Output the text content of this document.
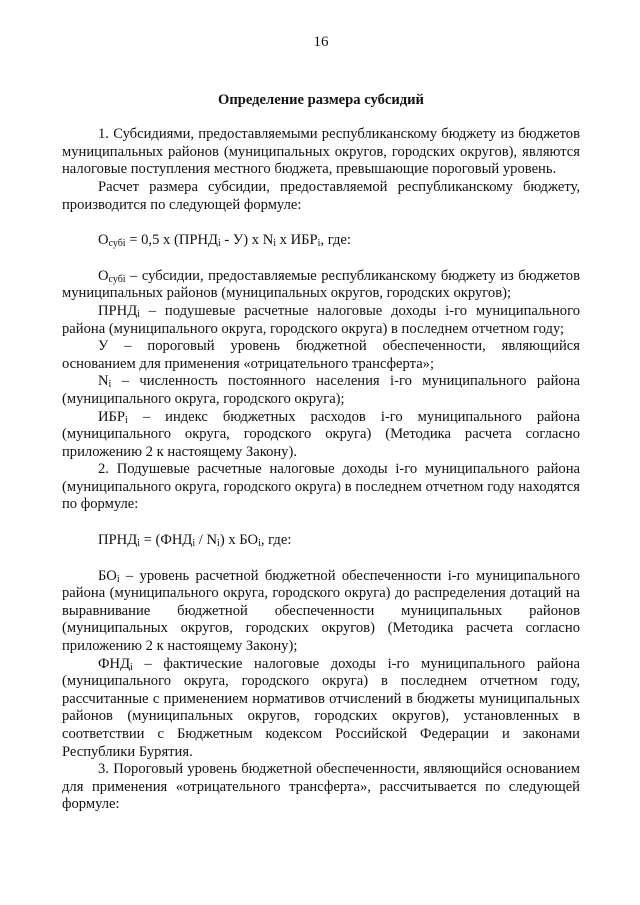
16
Определение размера субсидий

1. Субсидиями, предоставляемыми республиканскому бюджету из бюджетов муниципальных районов (муниципальных округов, городских округов), являются налоговые поступления местного бюджета, превышающие пороговый уровень.

Расчет размера субсидии, предоставляемой республиканскому бюджету, производится по следующей формуле:

$О_{субi} = 0,5$ x $(ПРНД_i - У)$ x $N_i$ x $ИБР_i$, где:

$О_{субi}$ – субсидии, предоставляемые республиканскому бюджету из бюджетов муниципальных районов (муниципальных округов, городских округов);

$ПРНД_i$ – подушевые расчетные налоговые доходы i-го муниципального района (муниципального округа, городского округа) в последнем отчетном году;

У – пороговый уровень бюджетной обеспеченности, являющийся основанием для применения «отрицательного трансферта»;

$N_i$ – численность постоянного населения i-го муниципального района (муниципального округа, городского округа);

$ИБР_i$ – индекс бюджетных расходов i-го муниципального района (муниципального округа, городского округа) (Методика расчета согласно приложению 2 к настоящему Закону).

2. Подушевые расчетные налоговые доходы i-го муниципального района (муниципального округа, городского округа) в последнем отчетном году находятся по формуле:

$ПРНД_i = (ФНД_i / N_i)$ x $БО_i$, где:

$БО_i$ – уровень расчетной бюджетной обеспеченности i-го муниципального района (муниципального округа, городского округа) до распределения дотаций на выравнивание бюджетной обеспеченности муниципальных районов (муниципальных округов, городских округов) (Методика расчета согласно приложению 2 к настоящему Закону);

$ФНД_i$ – фактические налоговые доходы i-го муниципального района (муниципального округа, городского округа) в последнем отчетном году, рассчитанные с применением нормативов отчислений в бюджеты муниципальных районов (муниципальных округов, городских округов), установленных в соответствии с Бюджетным кодексом Российской Федерации и законами Республики Бурятия.

3. Пороговый уровень бюджетной обеспеченности, являющийся основанием для применения «отрицательного трансферта», рассчитывается по следующей формуле:
